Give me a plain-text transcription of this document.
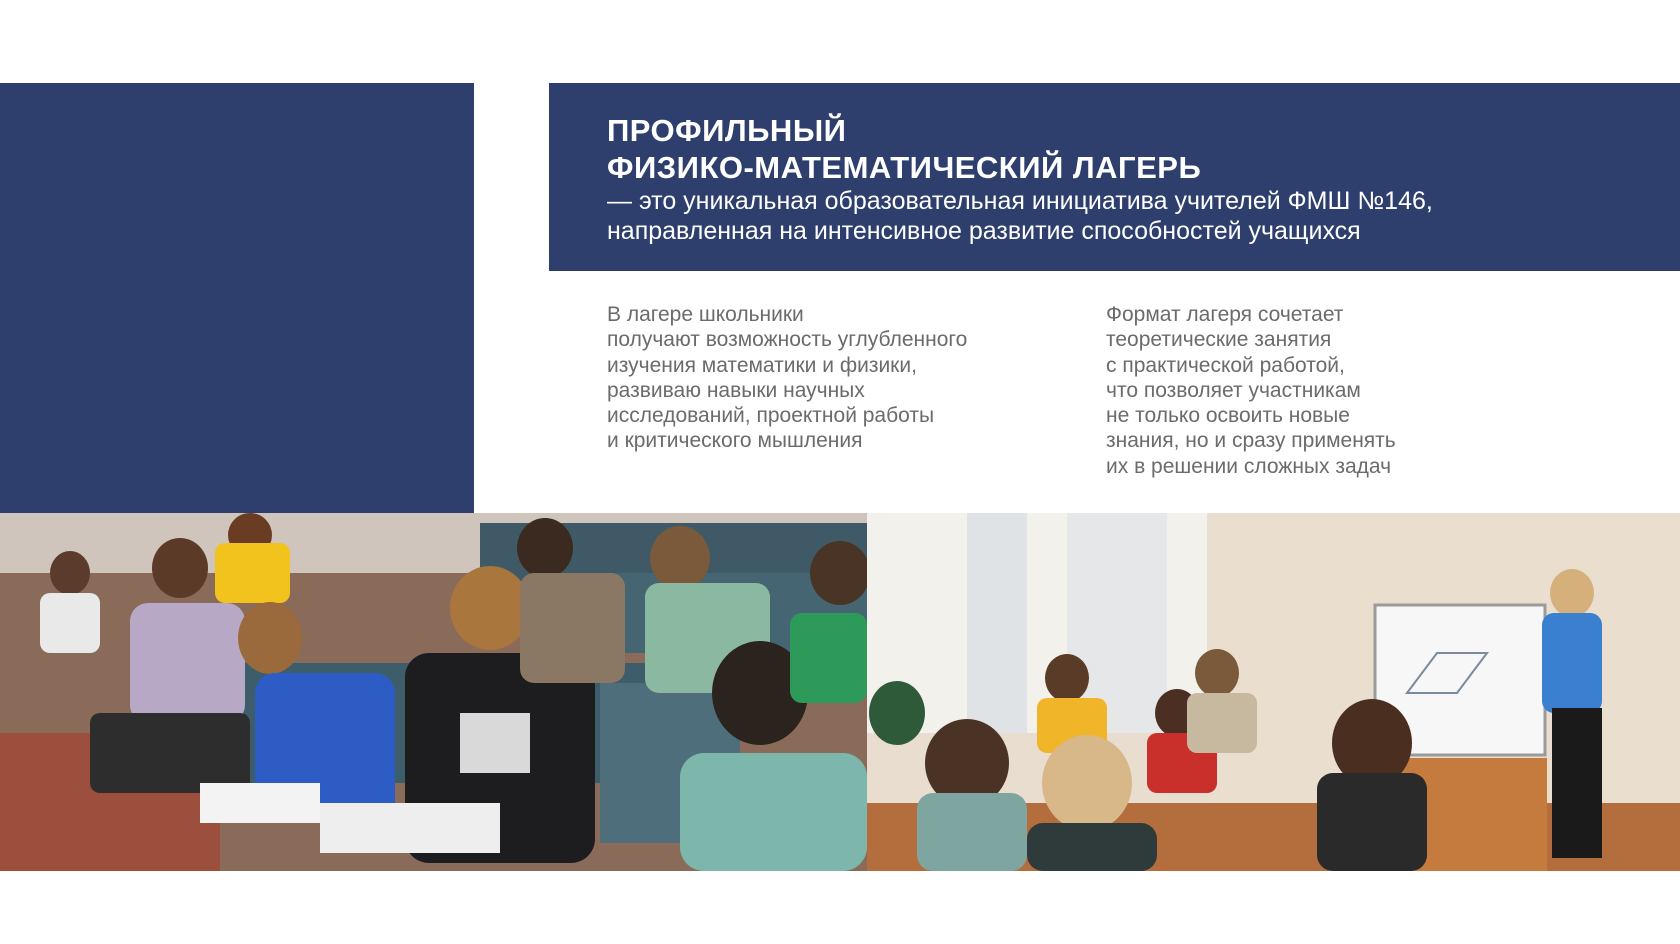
ПРОФИЛЬНЫЙ
ФИЗИКО-МАТЕМАТИЧЕСКИЙ ЛАГЕРЬ
— это уникальная образовательная инициатива учителей ФМШ №146,
направленная на интенсивное развитие способностей учащихся
В лагере школьники
получают возможность углубленного
изучения математики и физики,
развиваю навыки научных
исследований, проектной работы
и критического мышления
Формат лагеря сочетает
теоретические занятия
с практической работой,
что позволяет участникам
не только освоить новые
знания, но и сразу применять
их в решении сложных задач
